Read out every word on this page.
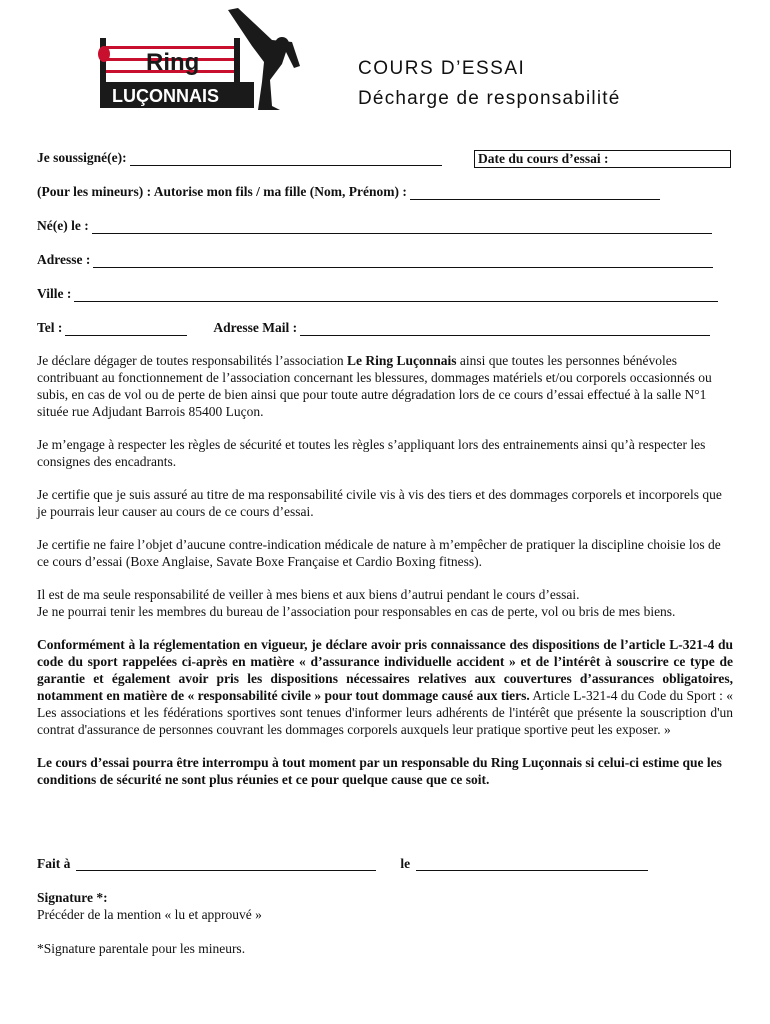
Ring
LUÇONNAIS
COURS D’ESSAI
Décharge de responsabilité
Je soussigné(e):	Date du cours d’essai :
(Pour les mineurs) : Autorise mon fils / ma fille (Nom, Prénom) :
Né(e) le :
Adresse :
Ville :
Tel :	Adresse Mail :

Je déclare dégager de toutes responsabilités l’association Le Ring Luçonnais ainsi que toutes les personnes bénévoles contribuant au fonctionnement de l’association concernant les blessures, dommages matériels et/ou corporels occasionnés ou subis, en cas de vol ou de perte de bien ainsi que pour toute autre dégradation lors de ce cours d’essai effectué à la salle N°1 située rue Adjudant Barrois 85400 Luçon.

Je m’engage à respecter les règles de sécurité et toutes les règles s’appliquant lors des entrainements ainsi qu’à respecter les consignes des encadrants.

Je certifie que je suis assuré au titre de ma responsabilité civile vis à vis des tiers et des dommages corporels et incorporels que je pourrais leur causer au cours de ce cours d’essai.

Je certifie ne faire l’objet d’aucune contre-indication médicale de nature à m’empêcher de pratiquer la discipline choisie los de ce cours d’essai (Boxe Anglaise, Savate Boxe Française et Cardio Boxing fitness).

Il est de ma seule responsabilité de veiller à mes biens et aux biens d’autrui pendant le cours d’essai.
Je ne pourrai tenir les membres du bureau de l’association pour responsables en cas de perte, vol ou bris de mes biens.

Conformément à la réglementation en vigueur, je déclare avoir pris connaissance des dispositions de l’article L-321-4 du code du sport rappelées ci-après en matière « d’assurance individuelle accident » et de l’intérêt à souscrire ce type de garantie et également avoir pris les dispositions nécessaires relatives aux couvertures d’assurances obligatoires, notamment en matière de « responsabilité civile » pour tout dommage causé aux tiers. Article L-321-4 du Code du Sport : « Les associations et les fédérations sportives sont tenues d'informer leurs adhérents de l'intérêt que présente la souscription d'un contrat d'assurance de personnes couvrant les dommages corporels auxquels leur pratique sportive peut les exposer. »

Le cours d’essai pourra être interrompu à tout moment par un responsable du Ring Luçonnais si celui-ci estime que les conditions de sécurité ne sont plus réunies et ce pour quelque cause que ce soit.

Fait à	le
Signature *:
Précéder de la mention « lu et approuvé »
*Signature parentale pour les mineurs.
